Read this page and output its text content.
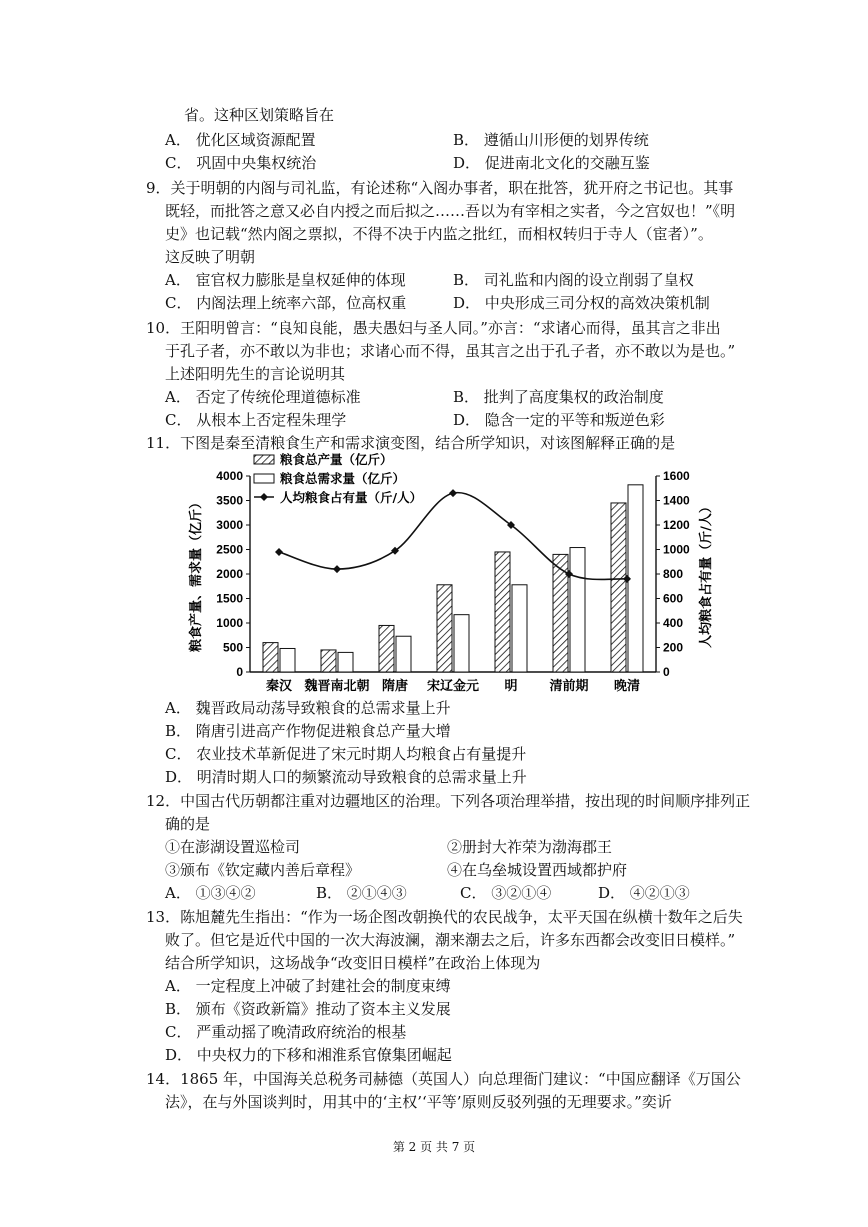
省。这种区划策略旨在
A． 优化区域资源配置	B． 遵循山川形便的划界传统
C． 巩固中央集权统治	D． 促进南北文化的交融互鉴
9．关于明朝的内阁与司礼监，有论述称“入阁办事者，职在批答，犹开府之书记也。其事
既轻，而批答之意又必自内授之而后拟之……吾以为有宰相之实者，今之宫奴也！”《明
史》也记载“然内阁之票拟，不得不决于内监之批红，而相权转归于寺人（宦者）”。
这反映了明朝
A． 宦官权力膨胀是皇权延伸的体现	B． 司礼监和内阁的设立削弱了皇权
C． 内阁法理上统率六部，位高权重	D． 中央形成三司分权的高效决策机制
10．王阳明曾言：“良知良能，愚夫愚妇与圣人同。”亦言：“求诸心而得，虽其言之非出
于孔子者，亦不敢以为非也；求诸心而不得，虽其言之出于孔子者，亦不敢以为是也。”
上述阳明先生的言论说明其
A． 否定了传统伦理道德标准	B． 批判了高度集权的政治制度
C． 从根本上否定程朱理学	D． 隐含一定的平等和叛逆色彩
11．下图是秦至清粮食生产和需求演变图，结合所学知识，对该图解释正确的是
0
500
1000
1500
2000
2500
3000
3500
4000
0
200
400
600
800
1000
1200
1400
1600
粮食产量、需求量（亿斤）	人均粮食占有量（斤/人）
秦汉 魏晋南北朝 隋唐 宋辽金元 明 清前期 晚清
粮食总产量（亿斤）
粮食总需求量（亿斤）
人均粮食占有量（斤/人）
A． 魏晋政局动荡导致粮食的总需求量上升
B． 隋唐引进高产作物促进粮食总产量大增
C． 农业技术革新促进了宋元时期人均粮食占有量提升
D． 明清时期人口的频繁流动导致粮食的总需求量上升
12．中国古代历朝都注重对边疆地区的治理。下列各项治理举措，按出现的时间顺序排列正
确的是
①在澎湖设置巡检司	②册封大祚荣为渤海郡王
③颁布《钦定藏内善后章程》	④在乌垒城设置西域都护府
A． ①③④②	B． ②①④③	C． ③②①④	D． ④②①③
13．陈旭麓先生指出：“作为一场企图改朝换代的农民战争，太平天国在纵横十数年之后失
败了。但它是近代中国的一次大海波澜，潮来潮去之后，许多东西都会改变旧日模样。”
结合所学知识，这场战争“改变旧日模样”在政治上体现为
A． 一定程度上冲破了封建社会的制度束缚
B． 颁布《资政新篇》推动了资本主义发展
C． 严重动摇了晚清政府统治的根基
D． 中央权力的下移和湘淮系官僚集团崛起
14．1865 年，中国海关总税务司赫德（英国人）向总理衙门建议：“中国应翻译《万国公
法》，在与外国谈判时，用其中的‘主权’‘平等’原则反驳列强的无理要求。”奕䜣
第 2 页 共 7 页
